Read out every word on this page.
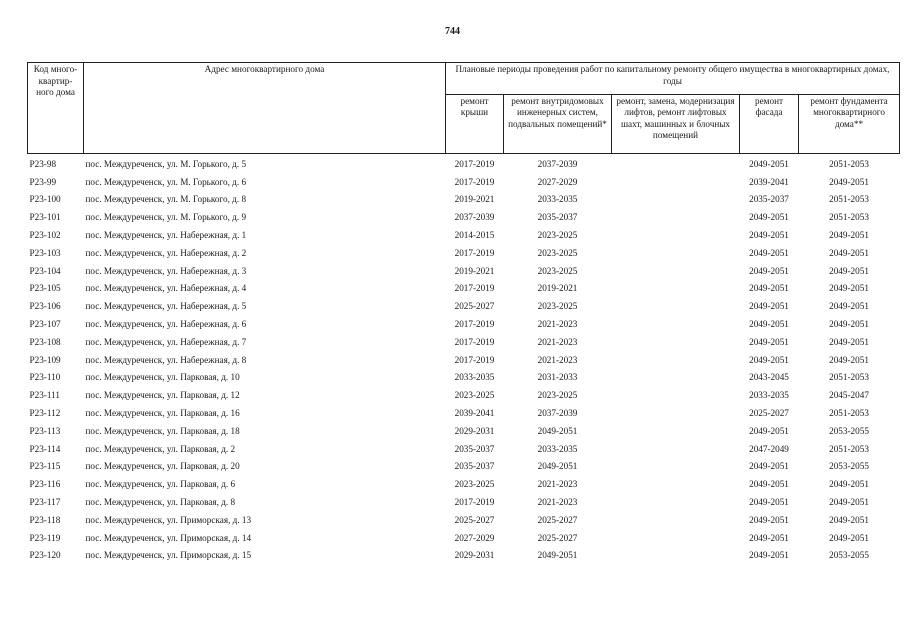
744
Код много-квартир-ного дома	Адрес многоквартирного дома	Плановые периоды проведения работ по капитальному ремонту общего имущества в многоквартирных домах, годы				
		ремонт крыши	ремонт внутридомовых инженерных систем, подвальных помещений*	ремонт, замена, модернизация лифтов, ремонт лифтовых шахт, машинных и блочных помещений	ремонт фасада	ремонт фундамента многоквартирного дома**
P23-98	пос. Междуреченск, ул. М. Горького, д. 5	2017-2019	2037-2039		2049-2051	2051-2053
P23-99	пос. Междуреченск, ул. М. Горького, д. 6	2017-2019	2027-2029		2039-2041	2049-2051
P23-100	пос. Междуреченск, ул. М. Горького, д. 8	2019-2021	2033-2035		2035-2037	2051-2053
P23-101	пос. Междуреченск, ул. М. Горького, д. 9	2037-2039	2035-2037		2049-2051	2051-2053
P23-102	пос. Междуреченск, ул. Набережная, д. 1	2014-2015	2023-2025		2049-2051	2049-2051
P23-103	пос. Междуреченск, ул. Набережная, д. 2	2017-2019	2023-2025		2049-2051	2049-2051
P23-104	пос. Междуреченск, ул. Набережная, д. 3	2019-2021	2023-2025		2049-2051	2049-2051
P23-105	пос. Междуреченск, ул. Набережная, д. 4	2017-2019	2019-2021		2049-2051	2049-2051
P23-106	пос. Междуреченск, ул. Набережная, д. 5	2025-2027	2023-2025		2049-2051	2049-2051
P23-107	пос. Междуреченск, ул. Набережная, д. 6	2017-2019	2021-2023		2049-2051	2049-2051
P23-108	пос. Междуреченск, ул. Набережная, д. 7	2017-2019	2021-2023		2049-2051	2049-2051
P23-109	пос. Междуреченск, ул. Набережная, д. 8	2017-2019	2021-2023		2049-2051	2049-2051
P23-110	пос. Междуреченск, ул. Парковая, д. 10	2033-2035	2031-2033		2043-2045	2051-2053
P23-111	пос. Междуреченск, ул. Парковая, д. 12	2023-2025	2023-2025		2033-2035	2045-2047
P23-112	пос. Междуреченск, ул. Парковая, д. 16	2039-2041	2037-2039		2025-2027	2051-2053
P23-113	пос. Междуреченск, ул. Парковая, д. 18	2029-2031	2049-2051		2049-2051	2053-2055
P23-114	пос. Междуреченск, ул. Парковая, д. 2	2035-2037	2033-2035		2047-2049	2051-2053
P23-115	пос. Междуреченск, ул. Парковая, д. 20	2035-2037	2049-2051		2049-2051	2053-2055
P23-116	пос. Междуреченск, ул. Парковая, д. 6	2023-2025	2021-2023		2049-2051	2049-2051
P23-117	пос. Междуреченск, ул. Парковая, д. 8	2017-2019	2021-2023		2049-2051	2049-2051
P23-118	пос. Междуреченск, ул. Приморская, д. 13	2025-2027	2025-2027		2049-2051	2049-2051
P23-119	пос. Междуреченск, ул. Приморская, д. 14	2027-2029	2025-2027		2049-2051	2049-2051
P23-120	пос. Междуреченск, ул. Приморская, д. 15	2029-2031	2049-2051		2049-2051	2053-2055
